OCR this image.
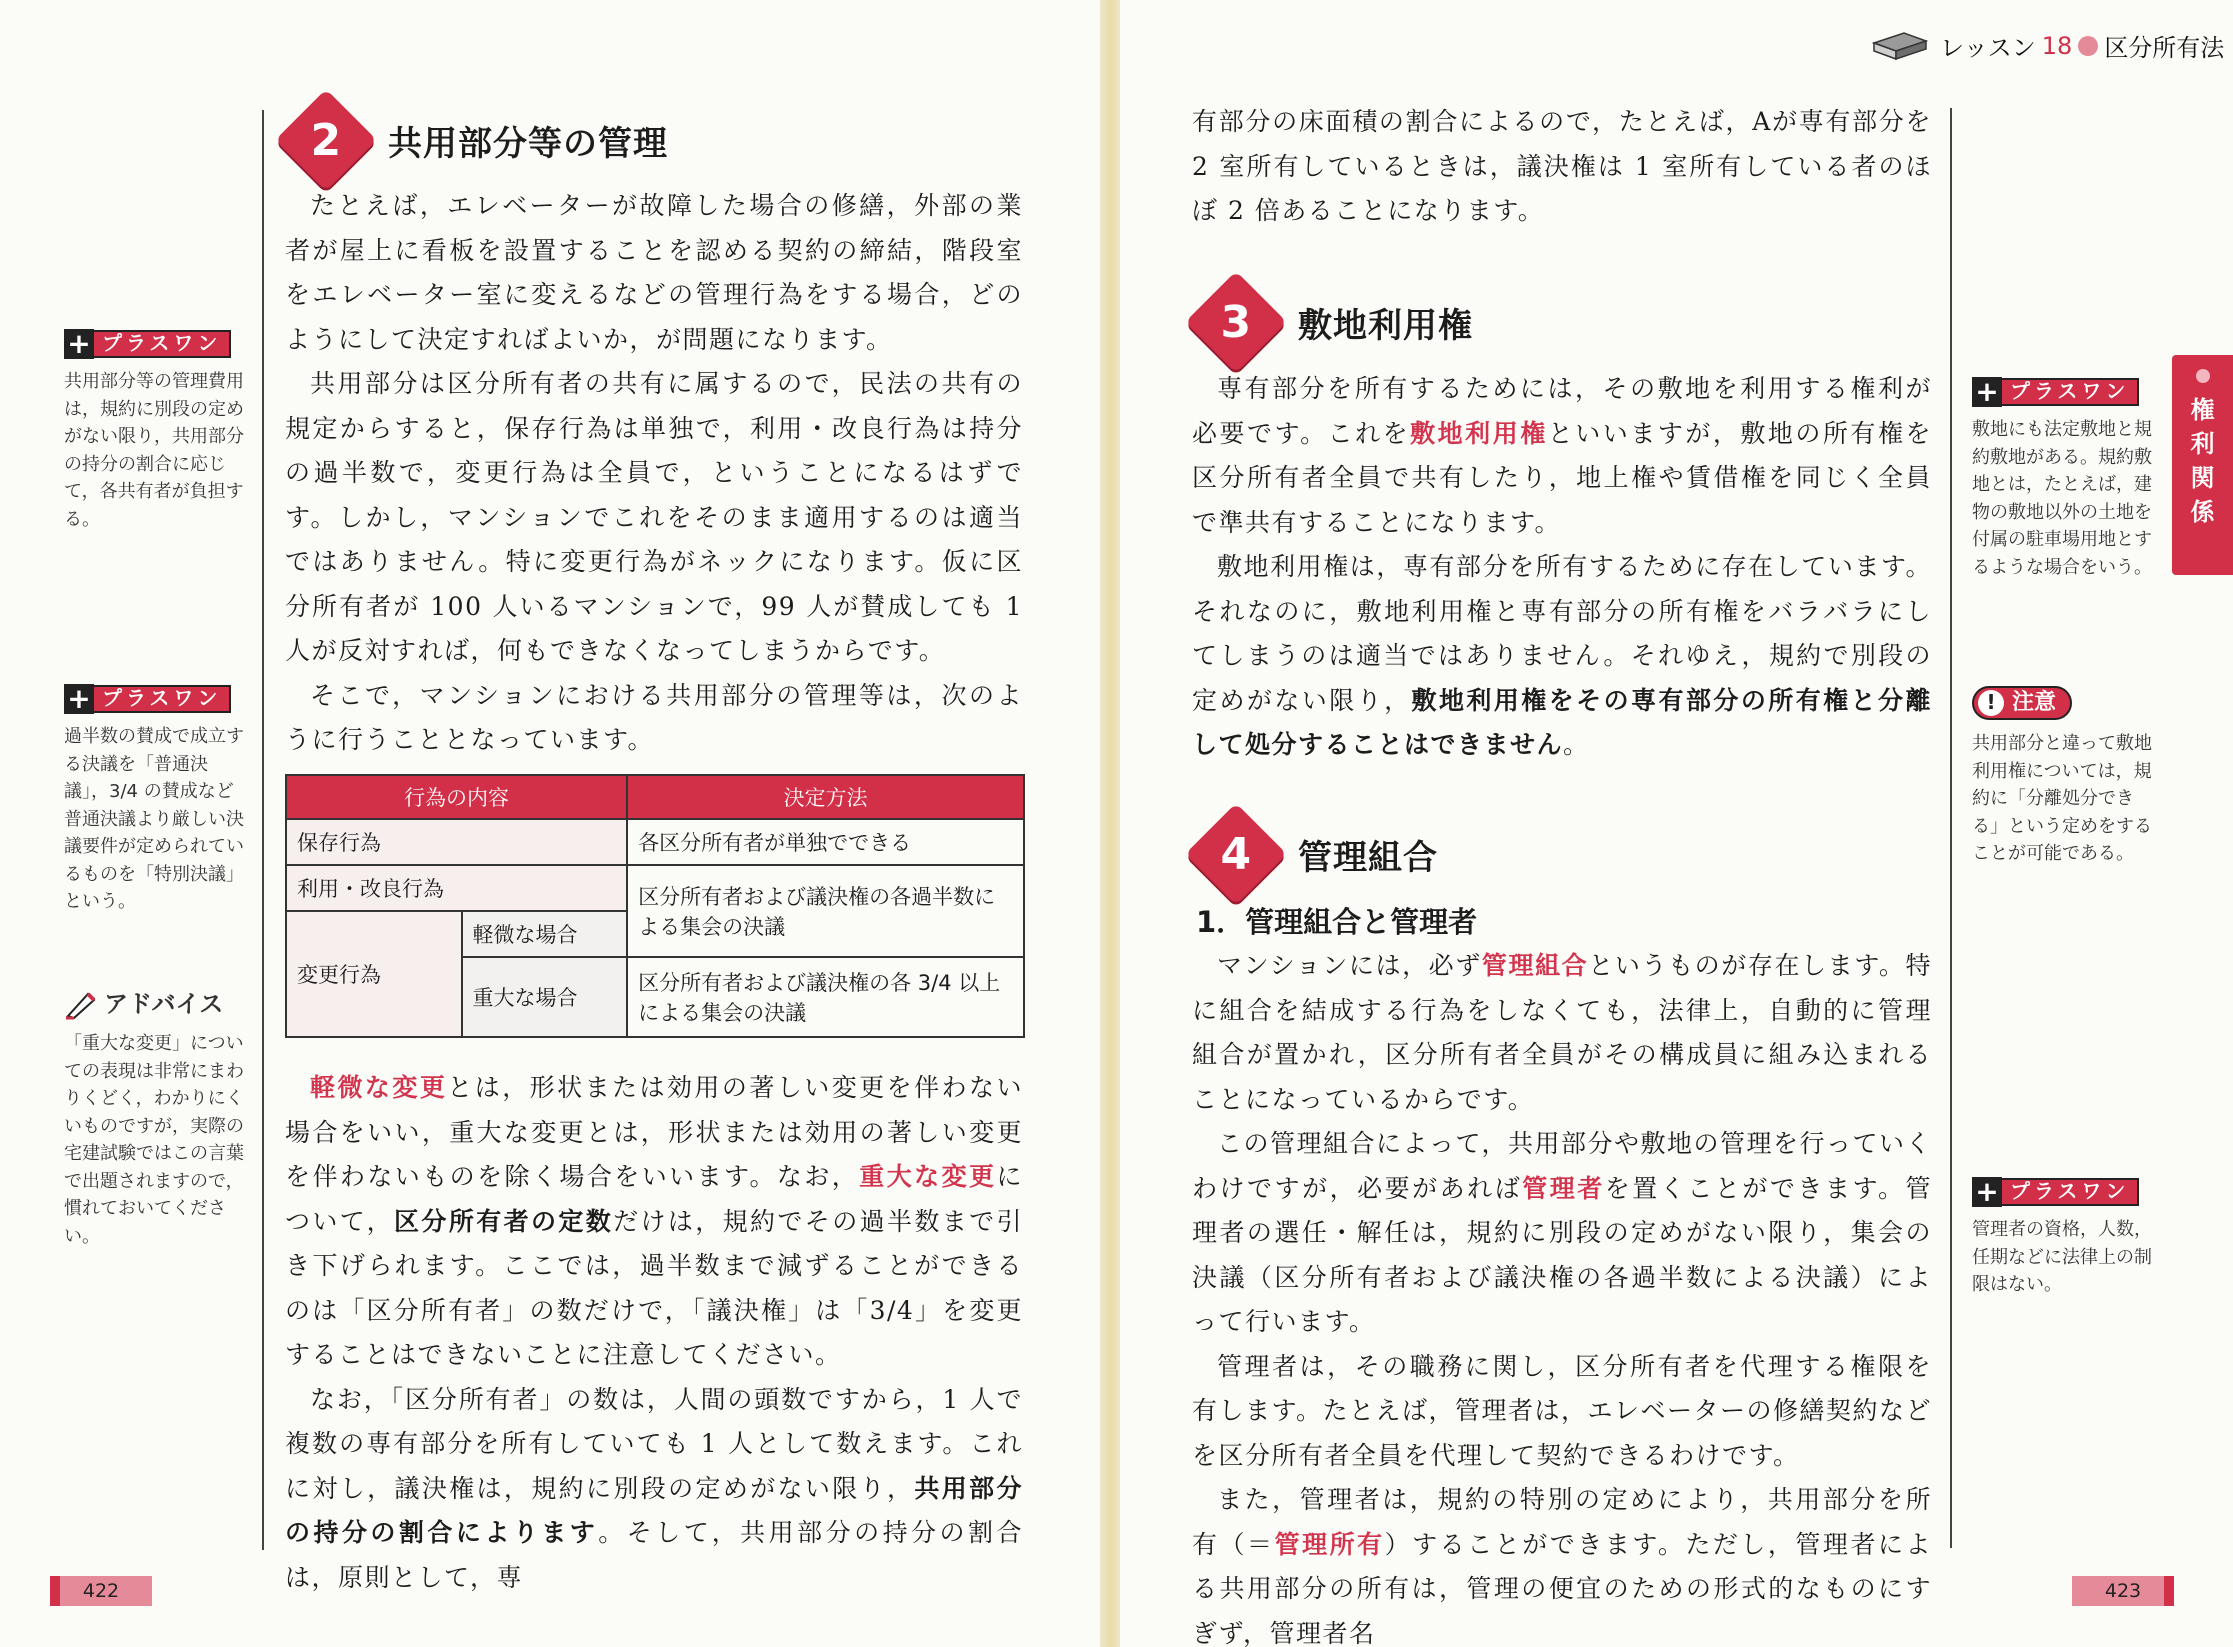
2 共用部分等の管理

たとえば，エレベーターが故障した場合の修繕，外部の業者が屋上に看板を設置することを認める契約の締結，階段室をエレベーター室に変えるなどの管理行為をする場合，どのようにして決定すればよいか，が問題になります。

共用部分は区分所有者の共有に属するので，民法の共有の規定からすると，保存行為は単独で，利用・改良行為は持分の過半数で，変更行為は全員で，ということになるはずです。しかし，マンションでこれをそのまま適用するのは適当ではありません。特に変更行為がネックになります。仮に区分所有者が 100 人いるマンションで，99 人が賛成しても 1 人が反対すれば，何もできなくなってしまうからです。

そこで，マンションにおける共用部分の管理等は，次のように行うこととなっています。

行為の内容		決定方法
保存行為		各区分所有者が単独でできる
利用・改良行為		区分所有者および議決権の各過半数による集会の決議
変更行為	軽微な場合	
	重大な場合	区分所有者および議決権の各 3/4 以上による集会の決議

軽微な変更とは，形状または効用の著しい変更を伴わない場合をいい，重大な変更とは，形状または効用の著しい変更を伴わないものを除く場合をいいます。なお，重大な変更について，区分所有者の定数だけは，規約でその過半数まで引き下げられます。ここでは，過半数まで減ずることができるのは「区分所有者」の数だけで，「議決権」は「3/4」を変更することはできないことに注意してください。

なお，「区分所有者」の数は，人間の頭数ですから，1 人で複数の専有部分を所有していても 1 人として数えます。これに対し，議決権は，規約に別段の定めがない限り，共用部分の持分の割合によります。そして，共用部分の持分の割合は，原則として，専

+ プラスワン
共用部分等の管理費用は，規約に別段の定めがない限り，共用部分の持分の割合に応じて，各共有者が負担する。
+ プラスワン
過半数の賛成で成立する決議を「普通決議」，3/4 の賛成など普通決議より厳しい決議要件が定められているものを「特別決議」という。
アドバイス
「重大な変更」についての表現は非常にまわりくどく，わかりにくいものですが，実際の宅建試験ではこの言葉で出題されますので，慣れておいてください。
422
レッスン 18 区分所有法
権
利
関
係

有部分の床面積の割合によるので，たとえば，Aが専有部分を 2 室所有しているときは，議決権は 1 室所有している者のほぼ 2 倍あることになります。

3 敷地利用権

専有部分を所有するためには，その敷地を利用する権利が必要です。これを敷地利用権といいますが，敷地の所有権を区分所有者全員で共有したり，地上権や賃借権を同じく全員で準共有することになります。

敷地利用権は，専有部分を所有するために存在しています。それなのに，敷地利用権と専有部分の所有権をバラバラにしてしまうのは適当ではありません。それゆえ，規約で別段の定めがない限り，敷地利用権をその専有部分の所有権と分離して処分することはできません。

4 管理組合
1．管理組合と管理者

マンションには，必ず管理組合というものが存在します。特に組合を結成する行為をしなくても，法律上，自動的に管理組合が置かれ，区分所有者全員がその構成員に組み込まれることになっているからです。

この管理組合によって，共用部分や敷地の管理を行っていくわけですが，必要があれば管理者を置くことができます。管理者の選任・解任は，規約に別段の定めがない限り，集会の決議（区分所有者および議決権の各過半数による決議）によって行います。

管理者は，その職務に関し，区分所有者を代理する権限を有します。たとえば，管理者は，エレベーターの修繕契約などを区分所有者全員を代理して契約できるわけです。

また，管理者は，規約の特別の定めにより，共用部分を所有（＝管理所有）することができます。ただし，管理者による共用部分の所有は，管理の便宜のための形式的なものにすぎず，管理者名

+ プラスワン
敷地にも法定敷地と規約敷地がある。規約敷地とは，たとえば，建物の敷地以外の土地を付属の駐車場用地とするような場合をいう。
! 注意
共用部分と違って敷地利用権については，規約に「分離処分できる」という定めをすることが可能である。
+ プラスワン
管理者の資格，人数，任期などに法律上の制限はない。
423
